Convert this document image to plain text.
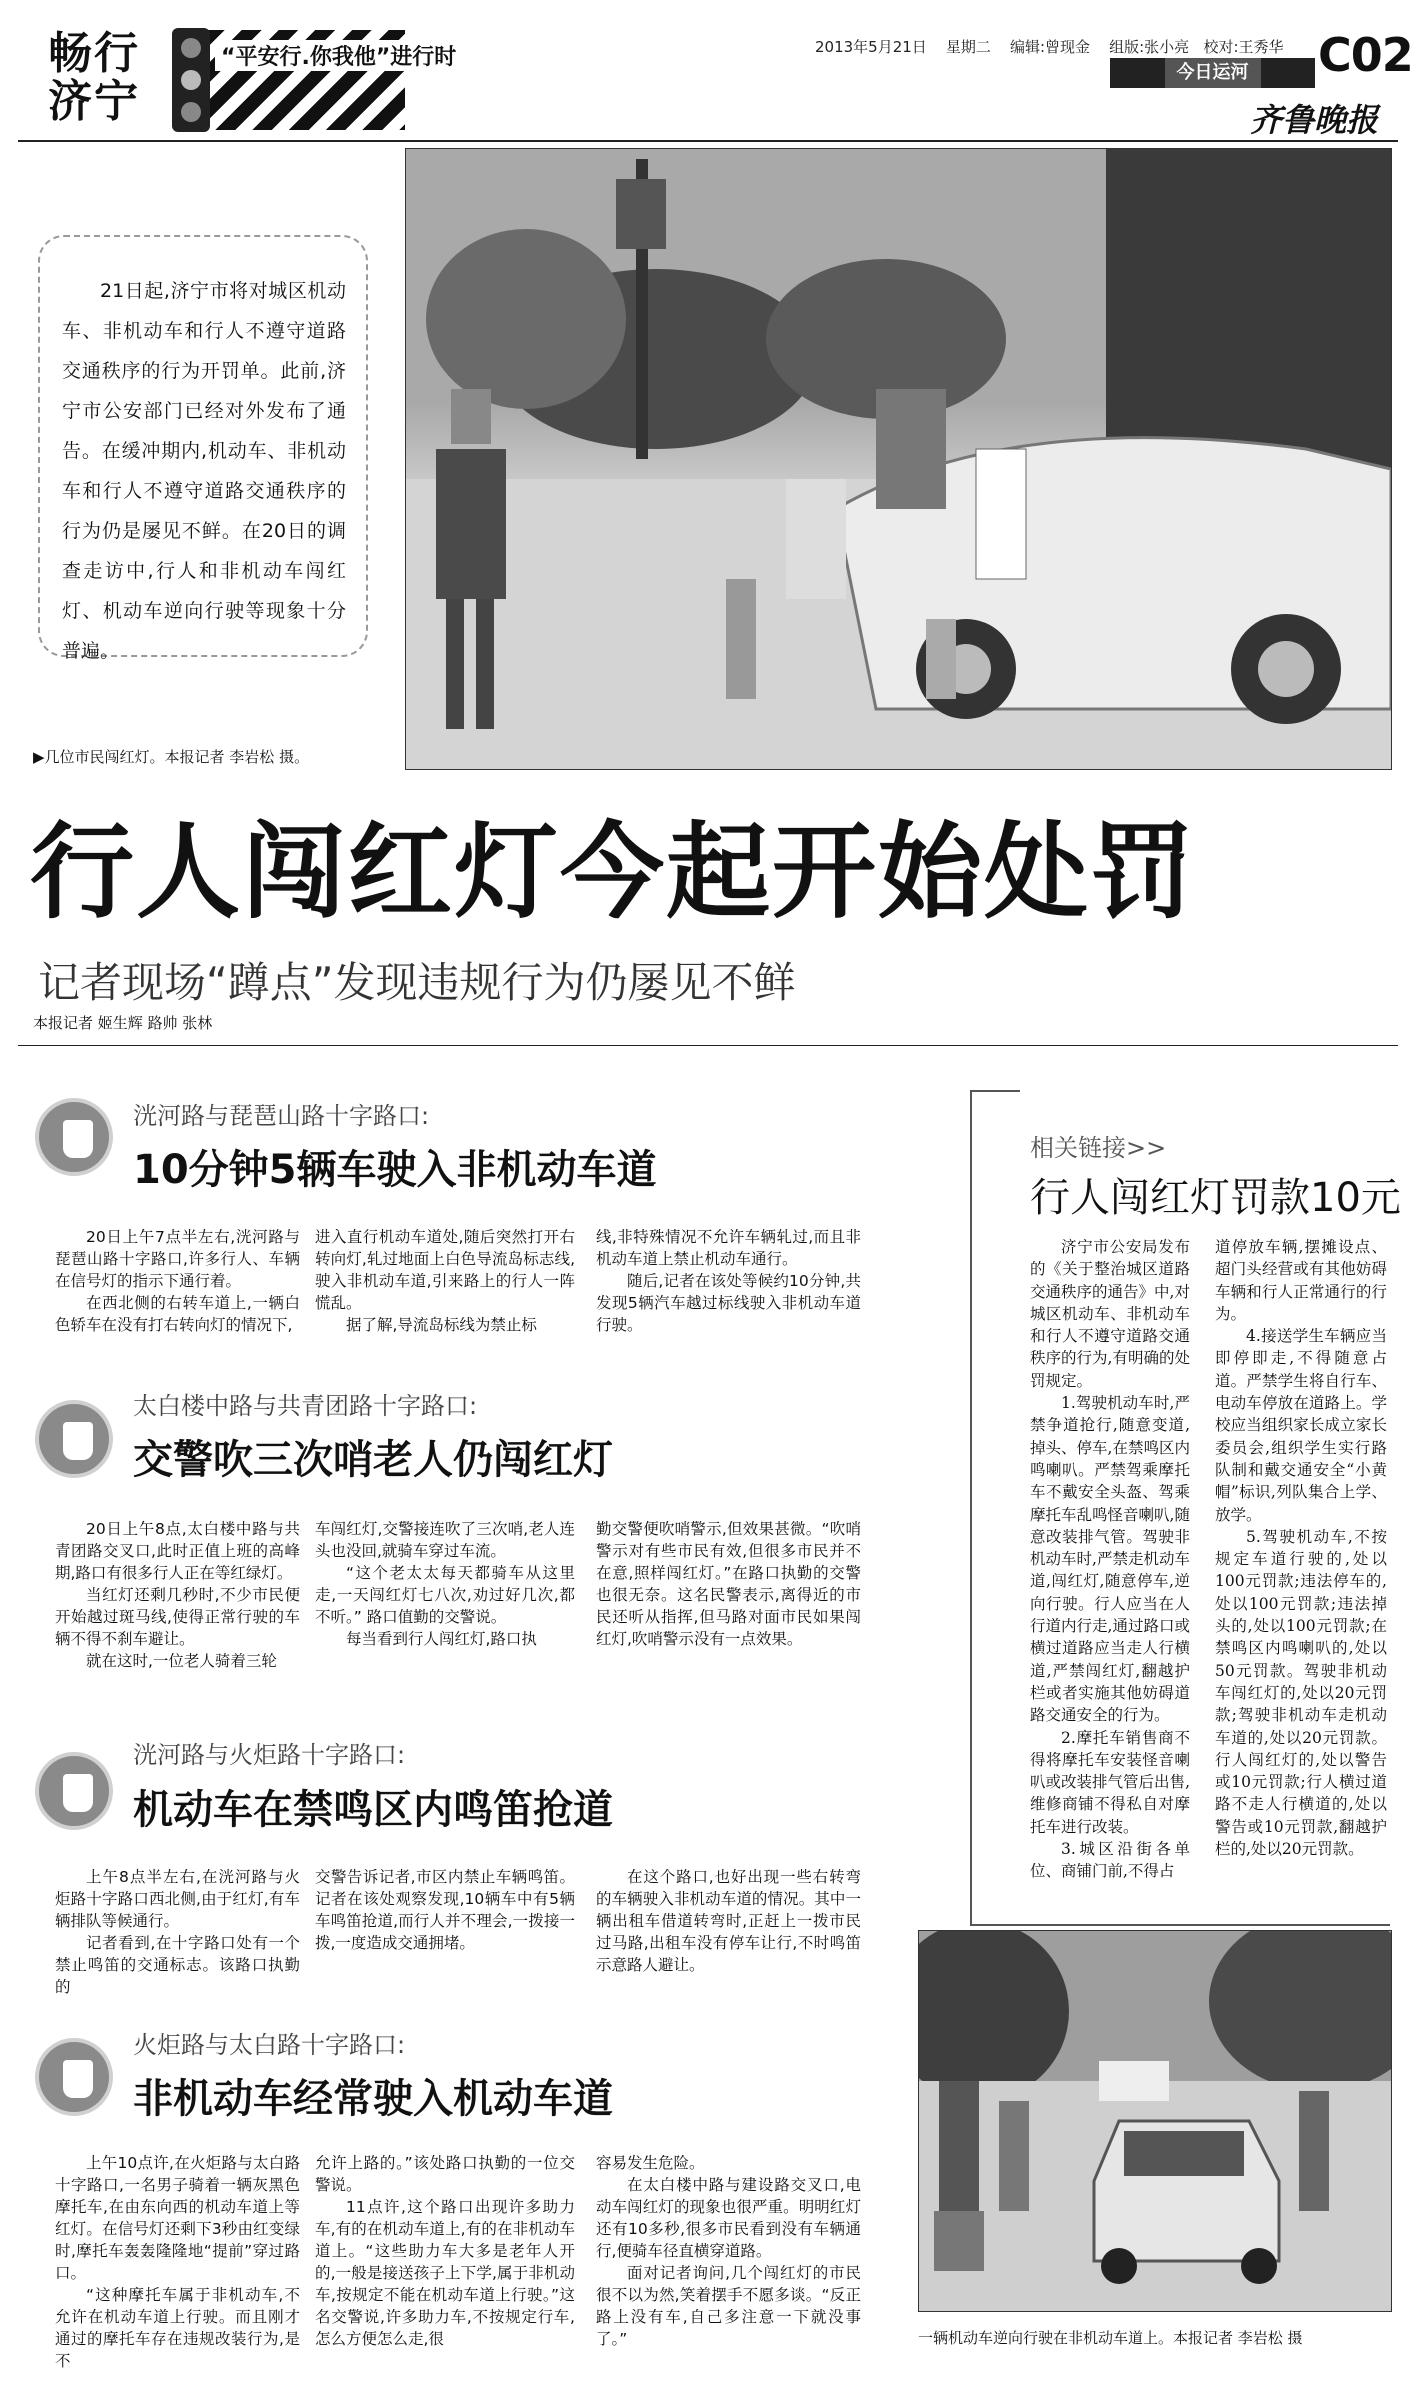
畅行
济宁
“平安行.你我他”进行时	2013年5月21日 星期二 编辑:曾现金 组版:张小亮 校对:王秀华 C02
今日运河
齐鲁晚报
21日起,济宁市将对城区机动车、非机动车和行人不遵守道路交通秩序的行为开罚单。此前,济宁市公安部门已经对外发布了通告。在缓冲期内,机动车、非机动车和行人不遵守道路交通秩序的行为仍是屡见不鲜。在20日的调查走访中,行人和非机动车闯红灯、机动车逆向行驶等现象十分普遍。
▶几位市民闯红灯。本报记者 李岩松 摄。
行人闯红灯今起开始处罚
记者现场“蹲点”发现违规行为仍屡见不鲜
本报记者 姬生辉 路帅 张林
洸河路与琵琶山路十字路口:
10分钟5辆车驶入非机动车道

20日上午7点半左右,洸河路与琵琶山路十字路口,许多行人、车辆在信号灯的指示下通行着。

在西北侧的右转车道上,一辆白色轿车在没有打右转向灯的情况下,

进入直行机动车道处,随后突然打开右转向灯,轧过地面上白色导流岛标志线,驶入非机动车道,引来路上的行人一阵慌乱。

据了解,导流岛标线为禁止标

线,非特殊情况不允许车辆轧过,而且非机动车道上禁止机动车通行。

随后,记者在该处等候约10分钟,共发现5辆汽车越过标线驶入非机动车道行驶。

太白楼中路与共青团路十字路口:
交警吹三次哨老人仍闯红灯

20日上午8点,太白楼中路与共青团路交叉口,此时正值上班的高峰期,路口有很多行人正在等红绿灯。

当红灯还剩几秒时,不少市民便开始越过斑马线,使得正常行驶的车辆不得不刹车避让。

就在这时,一位老人骑着三轮

车闯红灯,交警接连吹了三次哨,老人连头也没回,就骑车穿过车流。

“这个老太太每天都骑车从这里走,一天闯红灯七八次,劝过好几次,都不听。” 路口值勤的交警说。

每当看到行人闯红灯,路口执

勤交警便吹哨警示,但效果甚微。“吹哨警示对有些市民有效,但很多市民并不在意,照样闯红灯。”在路口执勤的交警也很无奈。这名民警表示,离得近的市民还听从指挥,但马路对面市民如果闯红灯,吹哨警示没有一点效果。

洸河路与火炬路十字路口:
机动车在禁鸣区内鸣笛抢道

上午8点半左右,在洸河路与火炬路十字路口西北侧,由于红灯,有车辆排队等候通行。

记者看到,在十字路口处有一个禁止鸣笛的交通标志。该路口执勤的

交警告诉记者,市区内禁止车辆鸣笛。记者在该处观察发现,10辆车中有5辆车鸣笛抢道,而行人并不理会,一拨接一拨,一度造成交通拥堵。

在这个路口,也好出现一些右转弯的车辆驶入非机动车道的情况。其中一辆出租车借道转弯时,正赶上一拨市民过马路,出租车没有停车让行,不时鸣笛示意路人避让。

火炬路与太白路十字路口:
非机动车经常驶入机动车道

上午10点许,在火炬路与太白路十字路口,一名男子骑着一辆灰黑色摩托车,在由东向西的机动车道上等红灯。在信号灯还剩下3秒由红变绿时,摩托车轰轰隆隆地“提前”穿过路口。

“这种摩托车属于非机动车,不允许在机动车道上行驶。而且刚才通过的摩托车存在违规改装行为,是不

允许上路的。”该处路口执勤的一位交警说。

11点许,这个路口出现许多助力车,有的在机动车道上,有的在非机动车道上。“这些助力车大多是老年人开的,一般是接送孩子上下学,属于非机动车,按规定不能在机动车道上行驶。”这名交警说,许多助力车,不按规定行车,怎么方便怎么走,很

容易发生危险。

在太白楼中路与建设路交叉口,电动车闯红灯的现象也很严重。明明红灯还有10多秒,很多市民看到没有车辆通行,便骑车径直横穿道路。

面对记者询问,几个闯红灯的市民很不以为然,笑着摆手不愿多谈。“反正路上没有车,自己多注意一下就没事了。”

相关链接>>
行人闯红灯罚款10元

济宁市公安局发布的《关于整治城区道路交通秩序的通告》中,对城区机动车、非机动车和行人不遵守道路交通秩序的行为,有明确的处罚规定。

1.驾驶机动车时,严禁争道抢行,随意变道,掉头、停车,在禁鸣区内鸣喇叭。严禁驾乘摩托车不戴安全头盔、驾乘摩托车乱鸣怪音喇叭,随意改装排气管。驾驶非机动车时,严禁走机动车道,闯红灯,随意停车,逆向行驶。行人应当在人行道内行走,通过路口或横过道路应当走人行横道,严禁闯红灯,翻越护栏或者实施其他妨碍道路交通安全的行为。

2.摩托车销售商不得将摩托车安装怪音喇叭或改装排气管后出售,维修商铺不得私自对摩托车进行改装。

3.城区沿街各单位、商铺门前,不得占

道停放车辆,摆摊设点、超门头经营或有其他妨碍车辆和行人正常通行的行为。

4.接送学生车辆应当即停即走,不得随意占道。严禁学生将自行车、电动车停放在道路上。学校应当组织家长成立家长委员会,组织学生实行路队制和戴交通安全“小黄帽”标识,列队集合上学、放学。

5.驾驶机动车,不按规定车道行驶的,处以100元罚款;违法停车的,处以100元罚款;违法掉头的,处以100元罚款;在禁鸣区内鸣喇叭的,处以50元罚款。驾驶非机动车闯红灯的,处以20元罚款;驾驶非机动车走机动车道的,处以20元罚款。行人闯红灯的,处以警告或10元罚款;行人横过道路不走人行横道的,处以警告或10元罚款,翻越护栏的,处以20元罚款。

一辆机动车逆向行驶在非机动车道上。本报记者 李岩松 摄
